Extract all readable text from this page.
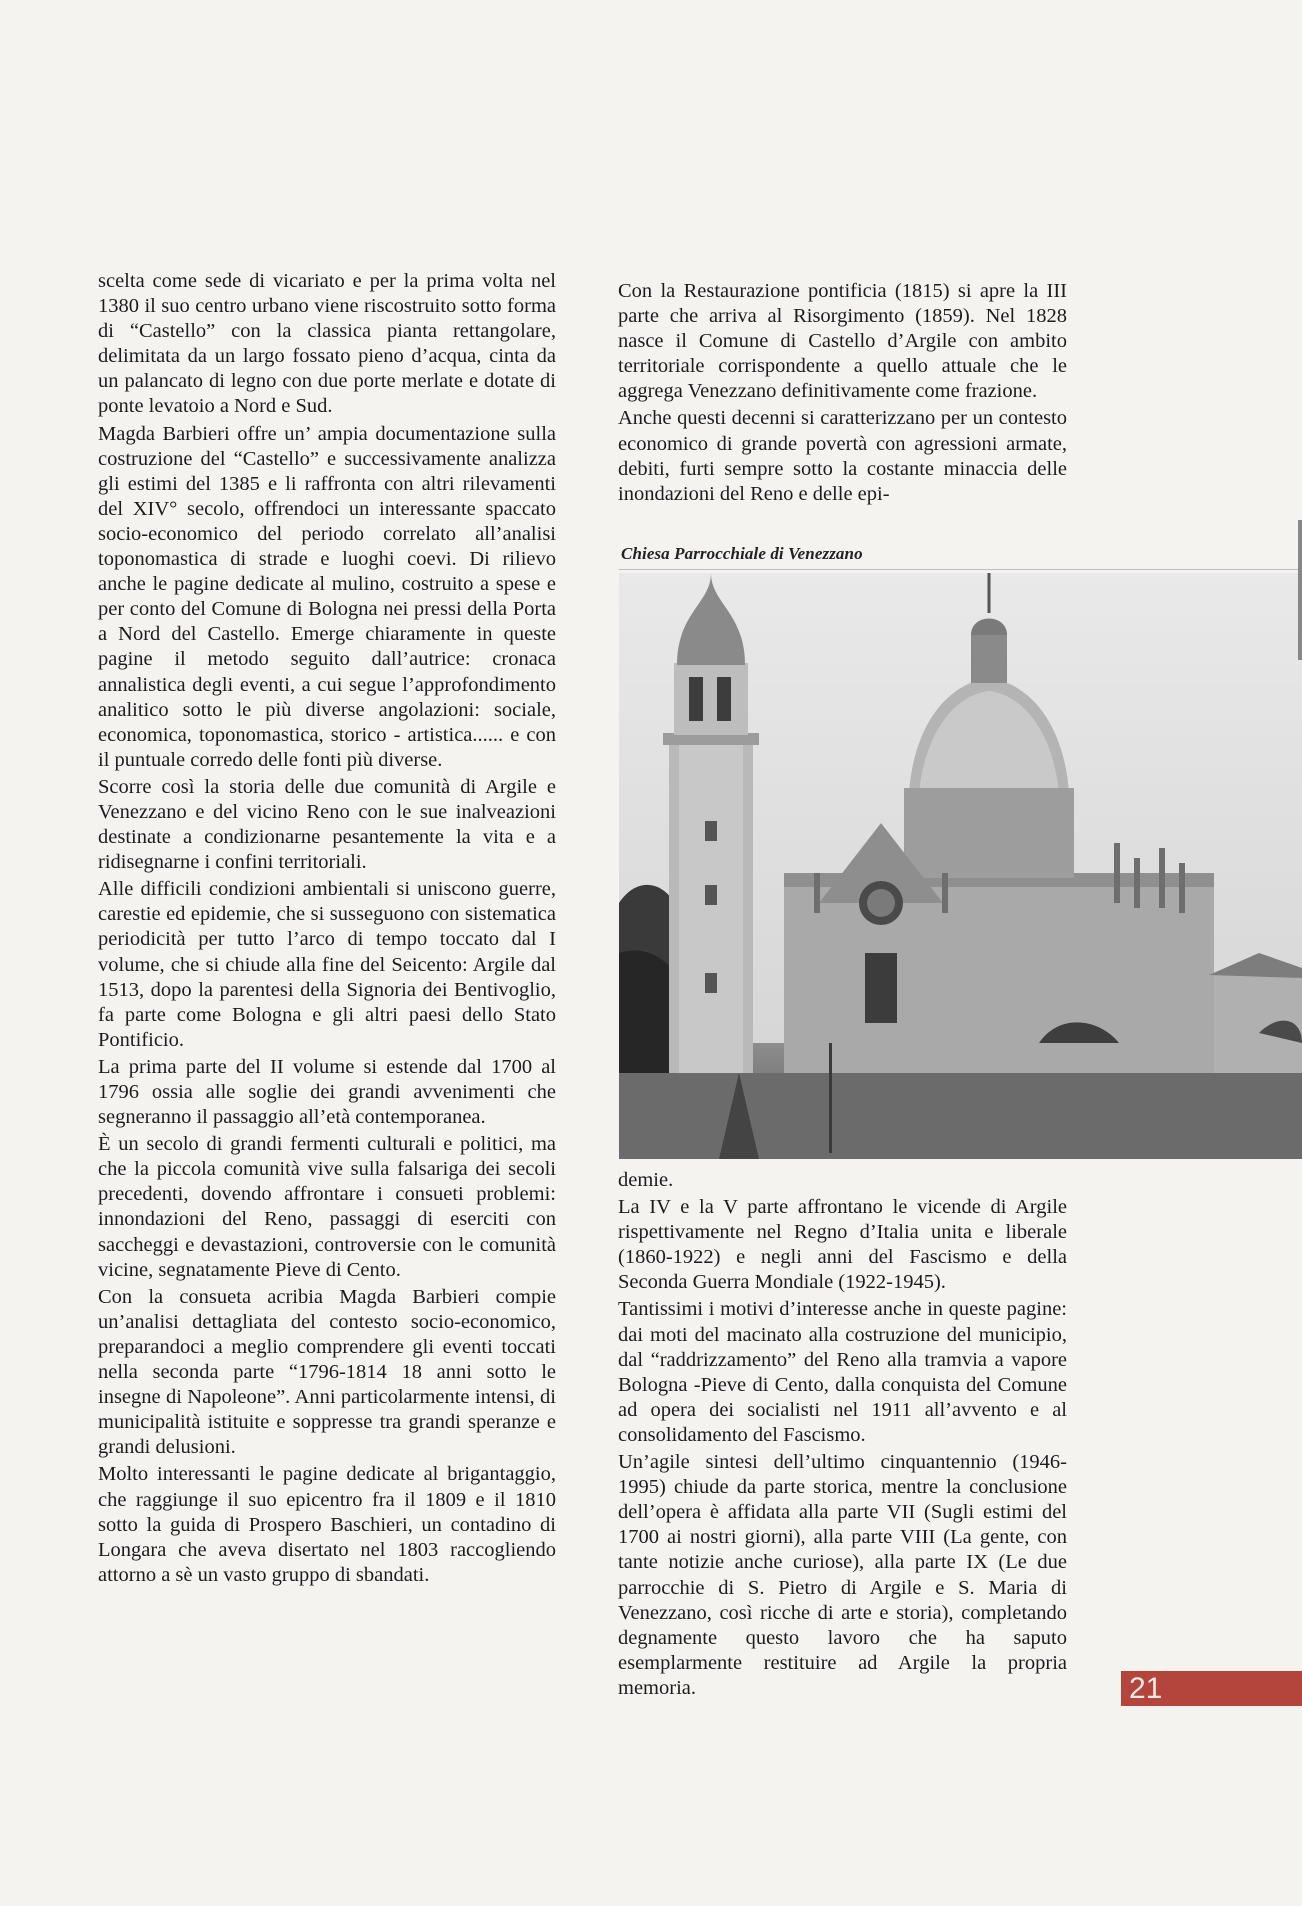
scelta come sede di vicariato e per la prima volta nel 1380 il suo centro urbano viene riscostruito sotto forma di “Castello” con la classica pianta rettangolare, delimitata da un largo fossato pieno d’acqua, cinta da un palancato di legno con due porte merlate e dotate di ponte levatoio a Nord e Sud.

Magda Barbieri offre un’ ampia documentazione sulla costruzione del “Castello” e successivamente analizza gli estimi del 1385 e li raffronta con altri rilevamenti del XIV° secolo, offrendoci un interessante spaccato socio-economico del periodo correlato all’analisi toponomastica di strade e luoghi coevi. Di rilievo anche le pagine dedicate al mulino, costruito a spese e per conto del Comune di Bologna nei pressi della Porta a Nord del Castello. Emerge chiaramente in queste pagine il metodo seguito dall’autrice: cronaca annalistica degli eventi, a cui segue l’approfondimento analitico sotto le più diverse angolazioni: sociale, economica, toponomastica, storico - artistica...... e con il puntuale corredo delle fonti più diverse.

Scorre così la storia delle due comunità di Argile e Venezzano e del vicino Reno con le sue inalveazioni destinate a condizionarne pesantemente la vita e a ridisegnarne i confini territoriali.

Alle difficili condizioni ambientali si uniscono guerre, carestie ed epidemie, che si susseguono con sistematica periodicità per tutto l’arco di tempo toccato dal I volume, che si chiude alla fine del Seicento: Argile dal 1513, dopo la parentesi della Signoria dei Bentivoglio, fa parte come Bologna e gli altri paesi dello Stato Pontificio.

La prima parte del II volume si estende dal 1700 al 1796 ossia alle soglie dei grandi avvenimenti che segneranno il passaggio all’età contemporanea.

È un secolo di grandi fermenti culturali e politici, ma che la piccola comunità vive sulla falsariga dei secoli precedenti, dovendo affrontare i consueti problemi: innondazioni del Reno, passaggi di eserciti con saccheggi e devastazioni, controversie con le comunità vicine, segnatamente Pieve di Cento.

Con la consueta acribia Magda Barbieri compie un’analisi dettagliata del contesto socio-economico, preparandoci a meglio comprendere gli eventi toccati nella seconda parte “1796-1814 18 anni sotto le insegne di Napoleone”. Anni particolarmente intensi, di municipalità istituite e soppresse tra grandi speranze e grandi delusioni.

Molto interessanti le pagine dedicate al brigantaggio, che raggiunge il suo epicentro fra il 1809 e il 1810 sotto la guida di Prospero Baschieri, un contadino di Longara che aveva disertato nel 1803 raccogliendo attorno a sè un vasto gruppo di sbandati.

Con la Restaurazione pontificia (1815) si apre la III parte che arriva al Risorgimento (1859). Nel 1828 nasce il Comune di Castello d’Argile con ambito territoriale corrispondente a quello attuale che le aggrega Venezzano definitivamente come frazione.

Anche questi decenni si caratterizzano per un contesto economico di grande povertà con agressioni armate, debiti, furti sempre sotto la costante minaccia delle inondazioni del Reno e delle epi-

Chiesa Parrocchiale di Venezzano

demie.

La IV e la V parte affrontano le vicende di Argile rispettivamente nel Regno d’Italia unita e liberale (1860-1922) e negli anni del Fascismo e della Seconda Guerra Mondiale (1922-1945).

Tantissimi i motivi d’interesse anche in queste pagine: dai moti del macinato alla costruzione del municipio, dal “raddrizzamento” del Reno alla tramvia a vapore Bologna -Pieve di Cento, dalla conquista del Comune ad opera dei socialisti nel 1911 all’avvento e al consolidamento del Fascismo.

Un’agile sintesi dell’ultimo cinquantennio (1946-1995) chiude da parte storica, mentre la conclusione dell’opera è affidata alla parte VII (Sugli estimi del 1700 ai nostri giorni), alla parte VIII (La gente, con tante notizie anche curiose), alla parte IX (Le due parrocchie di S. Pietro di Argile e S. Maria di Venezzano, così ricche di arte e storia), completando degnamente questo lavoro che ha saputo esemplarmente restituire ad Argile la propria memoria.	21
